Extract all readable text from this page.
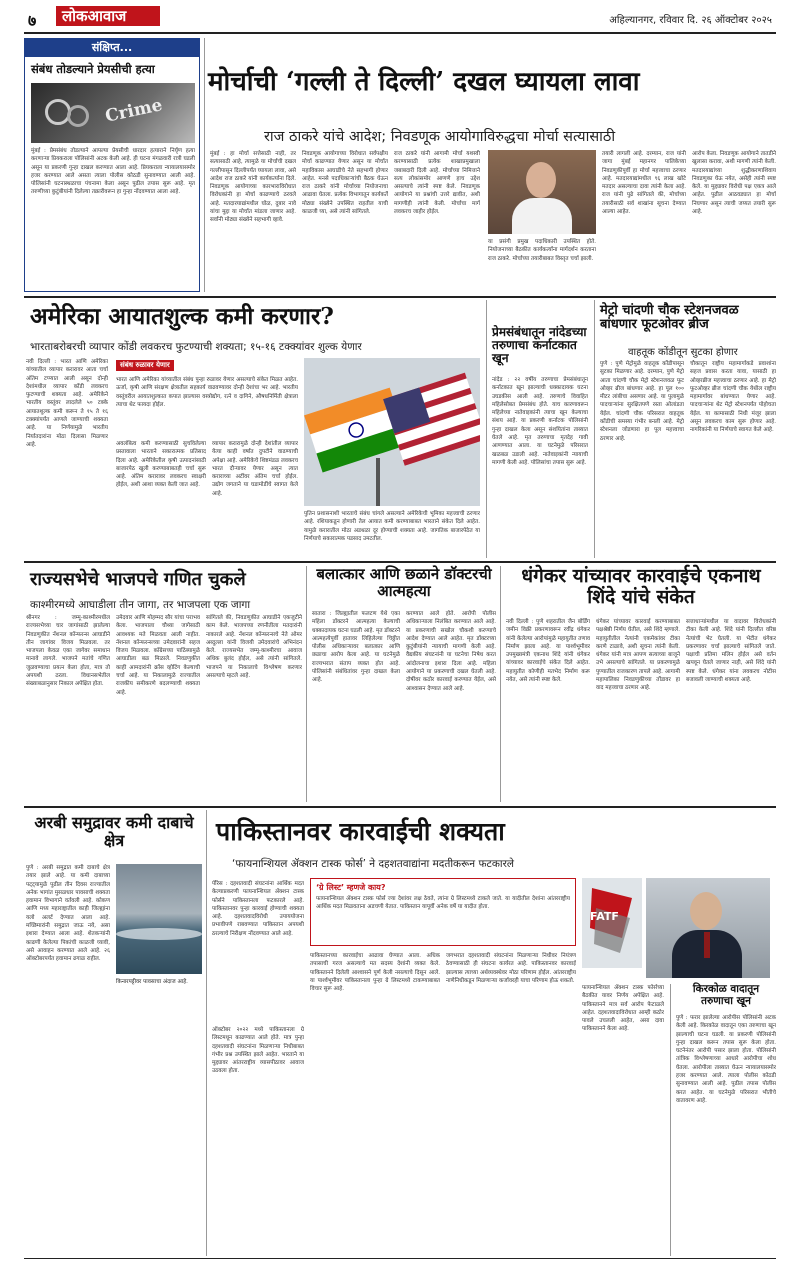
७	लोकआवाज	अहिल्यानगर, रविवार दि. २६ ऑक्टोबर २०२५
संक्षिप्त...
संबंध तोडल्याने प्रेयसीची हत्या
Crime
मुंबई : प्रेमसंबंध तोडल्याने आपल्या प्रेयसीची धारदार हत्याराने निर्घृण हत्या करणाऱ्या प्रियकराला पोलिसांनी अटक केली आहे. ही घटना मंगळवारी रात्री घडली असून या प्रकरणी गुन्हा दाखल करण्यात आला आहे. प्रियकराला न्यायालयासमोर हजर करण्यात आले असता त्याला पोलीस कोठडी सुनावण्यात आली आहे. पोलिसांनी घटनास्थळाचा पंचनामा केला असून पुढील तपास सुरू आहे. मृत तरुणीच्या कुटुंबीयांनी दिलेल्या तक्रारीवरून हा गुन्हा नोंदवण्यात आला आहे.
मोर्चाची ‘गल्ली ते दिल्ली’ दखल घ्यायला लावा
राज ठाकरे यांचे आदेश; निवडणूक आयोगाविरुद्धचा मोर्चा सत्यासाठी
मुंबई : हा मोर्चा सत्तेसाठी नाही, तर सत्यासाठी आहे, त्यामुळे या मोर्चाची दखल गल्लीपासून दिल्लीपर्यंत घ्यायला लावा, असे आदेश राज ठाकरे यांनी कार्यकर्त्यांना दिले. निवडणूक आयोगाच्या कारभाराविरोधात विरोधकांनी हा मोर्चा काढण्याचे ठरवले आहे. मतदारयाद्यांमधील घोळ, दुबार नावे यांचा मुद्दा या मोर्चात मांडला जाणार आहे. सर्वांनी मोठ्या संख्येने सहभागी व्हावे.
निवडणूक आयोगाच्या विरोधात सर्वपक्षीय मोर्चा काढण्यात येणार असून या मोर्चात महाविकास आघाडीचे नेते सहभागी होणार आहेत. मनसे पदाधिकाऱ्यांची बैठक घेऊन राज ठाकरे यांनी मोर्चाच्या नियोजनाचा आढावा घेतला. प्रत्येक विभागातून कार्यकर्ते मोठ्या संख्येने उपस्थित राहतील याची काळजी घ्या, असे त्यांनी सांगितले.
राज ठाकरे यांनी आगामी मोर्चा यशस्वी करण्यासाठी प्रत्येक शाखाप्रमुखाला जबाबदारी दिली आहे. मोर्चाच्या निमित्ताने सत्य लोकांसमोर आणणे हाच उद्देश असल्याचे त्यांनी स्पष्ट केले. निवडणूक आयोगाने या प्रश्नांची उत्तरे द्यावीत, अशी मागणीही त्यांनी केली. मोर्चाचा मार्ग लवकरच जाहीर होईल.
या प्रसंगी प्रमुख पदाधिकारी उपस्थित होते. नियोजनाच्या बैठकीत कार्यकर्त्यांना मार्गदर्शन करताना राज ठाकरे. मोर्चाच्या तयारीबाबत विस्तृत चर्चा झाली.
तयारी लागली आहे. दरम्यान, राज यांनी जागा मुंबई महानगर पालिकेच्या निवडणुकीपूर्वी हा मोर्चा महत्त्वाचा ठरणार आहे. मतदारयाद्यांमधील ९६ लाख खोटे मतदार असल्याचा दावा त्यांनी केला आहे. राज यांनी पुढे सांगितले की, मोर्चाच्या तयारीसाठी सर्व शाखांना सूचना देण्यात आल्या आहेत.
आरोप केला. निवडणूक आयोगाने तातडीने खुलासा करावा, अशी मागणी त्यांनी केली. मतदारयाद्यांच्या शुद्धीकरणाशिवाय निवडणुका घेऊ नयेत, असेही त्यांनी स्पष्ट केले. या मुद्द्यावर विरोधी पक्ष एकत्र आले आहेत. पुढील आठवड्यात हा मोर्चा निघणार असून त्याची जय्यत तयारी सुरू आहे.
अमेरिका आयातशुल्क कमी करणार?
भारताबरोबरची व्यापार कोंडी लवकरच फुटण्याची शक्यता; १५-१६ टक्क्यांवर शुल्क येणार
नवी दिल्ली : भारत आणि अमेरिका यांच्यातील व्यापार करारावर आता चर्चा अंतिम टप्प्यात आली असून दोन्ही देशांमधील व्यापार कोंडी लवकरच फुटण्याची शक्यता आहे. अमेरिकेने भारतीय वस्तूंवर लादलेले ५० टक्के आयातशुल्क कमी करून ते १५ ते १६ टक्क्यांपर्यंत आणले जाण्याची शक्यता आहे. या निर्णयामुळे भारतीय निर्यातदारांना मोठा दिलासा मिळणार आहे.
संबंध रुळावर येणार
भारत आणि अमेरिका यांच्यातील संबंध पुन्हा रुळावर येणार असल्याचे संकेत मिळत आहेत. ऊर्जा, कृषी आणि संरक्षण क्षेत्रातील सहकार्य वाढवण्यावर दोन्ही देशांचा भर आहे. भारतीय वस्तूंवरील आयातशुल्कात कपात झाल्यास वस्त्रोद्योग, रत्ने व दागिने, औषधनिर्मिती क्षेत्राला त्याचा थेट फायदा होईल.
अवलंबित्व कमी करण्यासाठी सुचविलेल्या प्रस्तावाला भारताने सकारात्मक प्रतिसाद दिला आहे. अमेरिकेतील कृषी उत्पादनांसाठी बाजारपेठ खुली करण्याबाबतही चर्चा सुरू आहे. अंतिम करारावर लवकरच स्वाक्षरी होईल, अशी आशा व्यक्त केली जात आहे.
व्यापार करारामुळे दोन्ही देशांतील व्यापार येत्या काही वर्षांत दुपटीने वाढण्याची अपेक्षा आहे. अमेरिकेचे शिष्टमंडळ लवकरच भारत दौऱ्यावर येणार असून त्यात कराराच्या अटींवर अंतिम चर्चा होईल. उद्योग जगताने या घडामोडींचे स्वागत केले आहे.
पुतिन प्रशासनाशी भारताचे संबंध चांगले असल्याने अमेरिकेची भूमिका महत्त्वाची ठरणार आहे. रशियाकडून होणारी तेल आयात कमी करण्याबाबत भारताने संकेत दिले आहेत. यामुळे करारातील मोठा अडथळा दूर होण्याची शक्यता आहे. जागतिक बाजारपेठेत या निर्णयाचे सकारात्मक पडसाद उमटतील.
प्रेमसंबंधातून नांदेडच्या तरुणाचा कर्नाटकात खून
नांदेड : २२ वर्षीय तरुणाचा प्रेमसंबंधातून कर्नाटकात खून झाल्याची धक्कादायक घटना उघडकीस आली आहे. तरुणाचे विवाहित महिलेसोबत प्रेमसंबंध होते. याच कारणावरून महिलेच्या नातेवाइकांनी त्याचा खून केल्याचा संशय आहे. या प्रकरणी कर्नाटक पोलिसांनी गुन्हा दाखल केला असून संशयितांना ताब्यात घेतले आहे. मृत तरुणाचा मृतदेह गावी आणण्यात आला. या घटनेमुळे परिसरात खळबळ उडाली आहे. नातेवाइकांनी न्यायाची मागणी केली आहे. पोलिसांचा तपास सुरू आहे.
मेट्रो चांदणी चौक स्टेशनजवळ बांधणार फूटओवर ब्रीज
वाहतूक कोंडीतून सुटका होणार
पुणे : पुणे मेट्रोमुळे वाहतूक कोंडीपासून सुटका मिळणार आहे. दरम्यान, पुणे मेट्रो आता चांदणी चौक मेट्रो स्टेशनजवळ फूट ओव्हर ब्रीज बांधणार आहे. हा पूल १०० मीटर लांबीचा असणार आहे. या पुलामुळे पादचाऱ्यांना सुरक्षितपणे रस्ता ओलांडता येईल. चांदणी चौक परिसरात वाहतूक कोंडीची समस्या गंभीर बनली आहे. मेट्रो स्टेशनला जोडणारा हा पूल महत्त्वाचा ठरणार आहे.
चौकातून राष्ट्रीय महामार्गाकडे प्रवाशांना सहज प्रवास करता यावा, यासाठी हा ओव्हरब्रीज महत्त्वाचा ठरणार आहे. हा मेट्रो फूटओव्हर ब्रीज चांदणी चौक येथील राष्ट्रीय महामार्गावर बांधण्यात येणार आहे. पादचाऱ्यांना थेट मेट्रो स्टेशनपर्यंत पोहोचता येईल. या कामासाठी निधी मंजूर झाला असून लवकरच काम सुरू होणार आहे. नागरिकांनी या निर्णयाचे स्वागत केले आहे.
राज्यसभेचे भाजपचे गणित चुकले
काश्मीरमध्ये आघाडीला तीन जागा, तर भाजपला एक जागा
श्रीनगर : जम्मू-काश्मीरमधील राज्यसभेच्या चार जागांसाठी झालेल्या निवडणुकीत नॅशनल कॉन्फरन्स आघाडीने तीन जागांवर विजय मिळवला. तर भाजपला केवळ एका जागेवर समाधान मानावे लागले. भाजपने मतांचे गणित जुळवण्याचा प्रयत्न केला होता, मात्र तो अपयशी ठरला. विधानसभेतील संख्याबळानुसार निकाल अपेक्षित होता.
उमेदवार आणि मोहम्मद सौर यांचा पराभव केला. भाजपाला चौथ्या जागेसाठी आवश्यक मते मिळवता आली नाहीत. नॅशनल कॉन्फरन्सच्या उमेदवारांनी सहज विजय मिळवला. काँग्रेसच्या पाठिंब्यामुळे आघाडीला बळ मिळाले. निवडणुकीत काही आमदारांनी क्रॉस व्होटिंग केल्याची चर्चा आहे. या निकालामुळे राज्यातील राजकीय समीकरणे बदलण्याची शक्यता आहे.
सांगितले की, निवडणुकीत आघाडीने एकजुटीने काम केले. भाजपच्या रणनीतीला मतदारांनी नाकारले आहे. नॅशनल कॉन्फरन्सचे नेते ओमर अब्दुल्ला यांनी विजयी उमेदवारांचे अभिनंदन केले. राज्यसभेत जम्मू-काश्मीरचा आवाज अधिक बुलंद होईल, असे त्यांनी सांगितले. भाजपने या निकालाचे विश्लेषण करणार असल्याचे म्हटले आहे.
बलात्कार आणि छळाने डॉक्टरची आत्महत्या
सातारा : जिल्ह्यातील फलटण येथे एका महिला डॉक्टरने आत्महत्या केल्याची धक्कादायक घटना घडली आहे. मृत डॉक्टरने आत्महत्येपूर्वी हातावर लिहिलेल्या चिठ्ठीत पोलीस अधिकाऱ्यावर बलात्कार आणि छळाचा आरोप केला आहे. या घटनेमुळे राज्यभरात संताप व्यक्त होत आहे. पोलिसांनी संबंधितांवर गुन्हा दाखल केला आहे.
करण्यात आले होते. आरोपी पोलीस अधिकाऱ्याला निलंबित करण्यात आले आहे. या प्रकरणाची सखोल चौकशी करण्याचे आदेश देण्यात आले आहेत. मृत डॉक्टरच्या कुटुंबीयांनी न्यायाची मागणी केली आहे. वैद्यकीय संघटनांनी या घटनेचा निषेध करत आंदोलनाचा इशारा दिला आहे. महिला आयोगाने या प्रकरणाची दखल घेतली आहे. दोषींवर कठोर कारवाई करण्यात येईल, असे आश्वासन देण्यात आले आहे.
धंगेकर यांच्यावर कारवाईचे एकनाथ शिंदे यांचे संकेत
नवी दिल्ली : पुणे शहरातील जैन बोर्डिंग जमीन विक्री प्रकरणावरून रवींद्र धंगेकर यांनी केलेल्या आरोपांमुळे महायुतीत तणाव निर्माण झाला आहे. या पार्श्वभूमीवर उपमुख्यमंत्री एकनाथ शिंदे यांनी धंगेकर यांच्यावर कारवाईचे संकेत दिले आहेत. महायुतीत कोणीही मतभेद निर्माण करू नयेत, असे त्यांनी स्पष्ट केले.
धंगेकर यांच्यावर कारवाई करण्याबाबत पक्षश्रेष्ठी निर्णय घेतील, असे शिंदे म्हणाले. महायुतीतील नेत्यांनी एकमेकांवर टीका करणे टाळावे, अशी सूचना त्यांनी केली. धंगेकर यांनी मात्र आपण सत्याच्या बाजूने उभे असल्याचे सांगितले. या प्रकरणामुळे पुण्यातील राजकारण तापले आहे. आगामी महापालिका निवडणुकीच्या तोंडावर हा वाद महत्त्वाचा ठरणार आहे.
सत्ताधाऱ्यांमधील या वादावर विरोधकांनी टीका केली आहे. शिंदे यांनी दिल्लीत वरिष्ठ नेत्यांची भेट घेतली. या भेटीत धंगेकर प्रकरणावर चर्चा झाल्याचे सांगितले जाते. पक्षाची प्रतिमा मलिन होईल असे वर्तन खपवून घेतले जाणार नाही, असे शिंदे यांनी स्पष्ट केले. धंगेकर यांना लवकरच नोटीस बजावली जाण्याची शक्यता आहे.
अरबी समुद्रावर कमी दाबाचे क्षेत्र
पुणे : अरबी समुद्रात कमी दाबाचे क्षेत्र तयार झाले आहे. या कमी दाबाच्या पट्ट्यामुळे पुढील तीन दिवस राज्यातील अनेक भागांत मुसळधार पावसाची शक्यता हवामान विभागाने वर्तवली आहे. कोकण आणि मध्य महाराष्ट्रातील काही जिल्ह्यांना यलो अलर्ट देण्यात आला आहे. मच्छिमारांनी समुद्रात जाऊ नये, असा इशारा देण्यात आला आहे. शेतकऱ्यांनी काढणी केलेल्या पिकांची काळजी घ्यावी, असे आवाहन करण्यात आले आहे. २६ ऑक्टोबरपर्यंत हवामान ढगाळ राहील.
किनारपट्टीवर पावसाचा अंदाज आहे.
पाकिस्तानवर कारवाईची शक्यता
‘फायनान्शियल ॲक्शन टास्क फोर्स’ ने दहशतवाद्यांना मदतीकरून फटकारले
पॅरिस : दहशतवादी संघटनांना आर्थिक मदत केल्याप्रकरणी फायनान्शियल ॲक्शन टास्क फोर्सने पाकिस्तानला फटकारले आहे. पाकिस्तानवर पुन्हा कारवाई होण्याची शक्यता आहे. दहशतवादविरोधी उपाययोजना प्रभावीपणे राबवण्यात पाकिस्तान अपयशी ठरल्याचे निरीक्षण नोंदवण्यात आले आहे.
‘ग्रे लिस्ट’ म्हणजे काय?
फायनान्शियल ॲक्शन टास्क फोर्स ज्या देशांवर लक्ष ठेवते, त्यांना ग्रे लिस्टमध्ये टाकले जाते. या यादीतील देशांना आंतरराष्ट्रीय आर्थिक मदत मिळवताना अडचणी येतात. पाकिस्तान यापूर्वी अनेक वर्षे या यादीत होता.
FATF
ऑक्टोबर २०२२ मध्ये पाकिस्तानला ग्रे लिस्टमधून काढण्यात आले होते. मात्र पुन्हा दहशतवादी संघटनांना मिळणाऱ्या निधीबाबत गंभीर प्रश्न उपस्थित झाले आहेत. भारताने या मुद्द्यावर आंतरराष्ट्रीय व्यासपीठावर आवाज उठवला होता.
पाकिस्तानच्या कारवाईचा आढावा घेण्यात आला. अधिक तपासाची गरज असल्याचे मत सदस्य देशांनी व्यक्त केले. पाकिस्तानने दिलेली आश्वासने पूर्ण केली नसल्याचे दिसून आले. या पार्श्वभूमीवर पाकिस्तानला पुन्हा ग्रे लिस्टमध्ये टाकण्याबाबत विचार सुरू आहे.
जगभरात दहशतवादी संघटनांना मिळणाऱ्या निधीवर नियंत्रण ठेवण्यासाठी ही संघटना कार्यरत आहे. पाकिस्तानवर कारवाई झाल्यास त्याच्या अर्थव्यवस्थेवर मोठा परिणाम होईल. आंतरराष्ट्रीय नाणेनिधीकडून मिळणाऱ्या कर्जावरही याचा परिणाम होऊ शकतो.
फायनान्शियल ॲक्शन टास्क फोर्सच्या बैठकीत यावर निर्णय अपेक्षित आहे. पाकिस्तानने मात्र सर्व आरोप फेटाळले आहेत. दहशतवादाविरोधात आम्ही कठोर पावले उचलली आहेत, असा दावा पाकिस्तानने केला आहे.
किरकोळ वादातून तरुणाचा खून
पुणे : फरार झालेल्या आरोपीस पोलिसांनी अटक केली आहे. किरकोळ वादातून एका तरुणाचा खून झाल्याची घटना घडली. या प्रकरणी पोलिसांनी गुन्हा दाखल करून तपास सुरू केला होता. घटनेनंतर आरोपी पसार झाला होता. पोलिसांनी तांत्रिक विश्लेषणाच्या आधारे आरोपीचा शोध घेतला. आरोपीला ताब्यात घेऊन न्यायालयासमोर हजर करण्यात आले. त्याला पोलीस कोठडी सुनावण्यात आली आहे. पुढील तपास पोलीस करत आहेत. या घटनेमुळे परिसरात भीतीचे वातावरण आहे.
